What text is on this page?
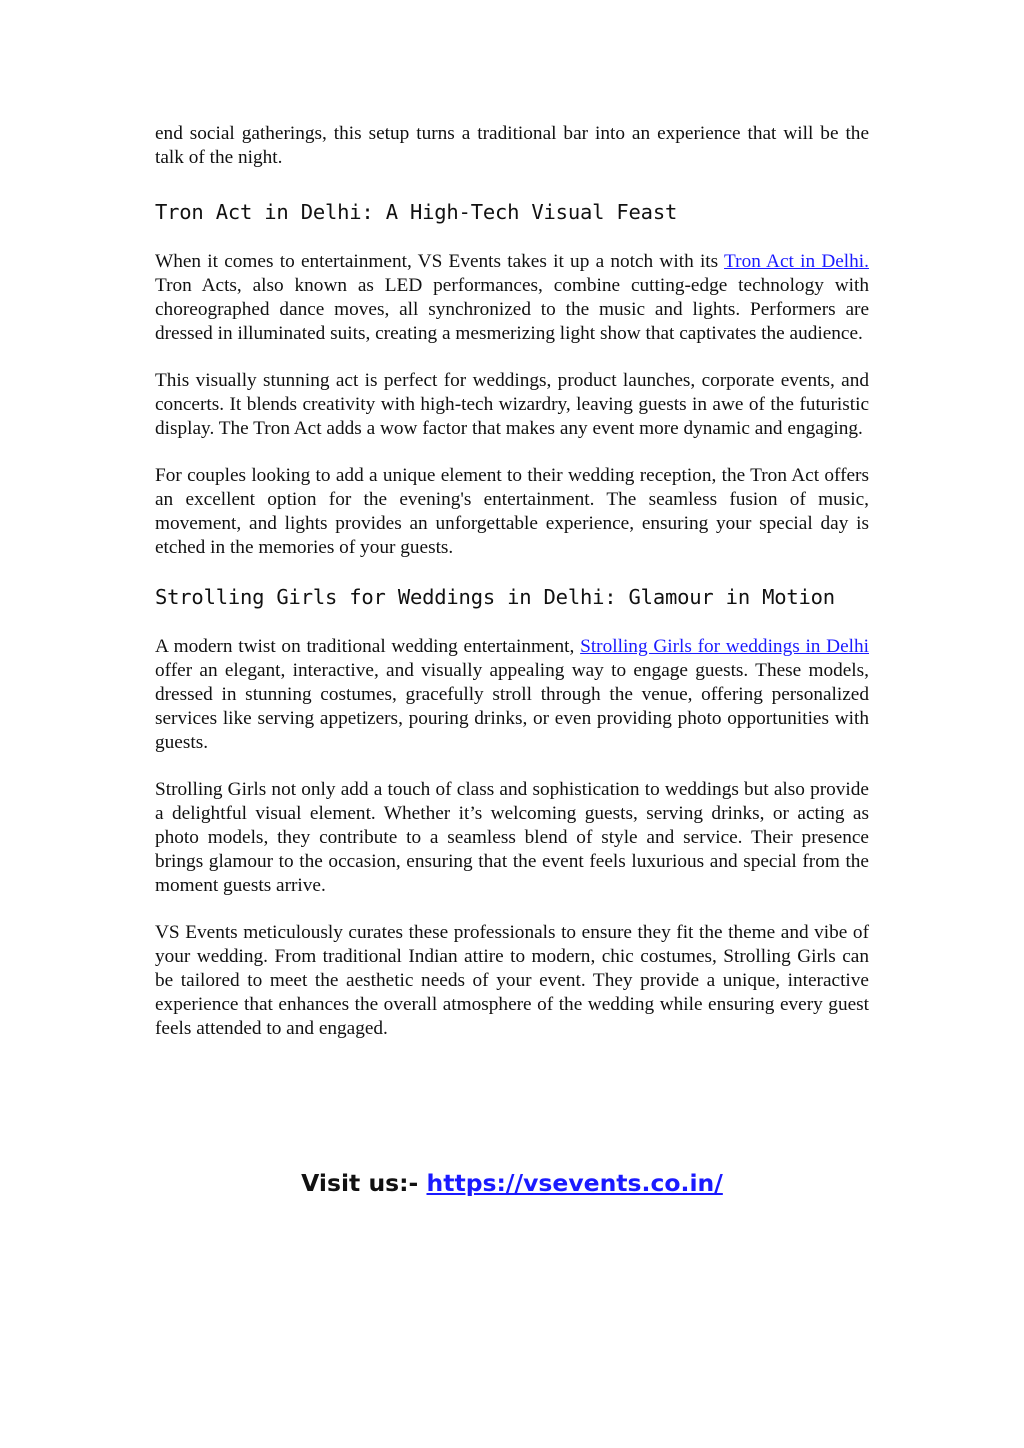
end social gatherings, this setup turns a traditional bar into an experience that will be the talk of the night.

Tron Act in Delhi: A High-Tech Visual Feast

When it comes to entertainment, VS Events takes it up a notch with its Tron Act in Delhi. Tron Acts, also known as LED performances, combine cutting-edge technology with choreographed dance moves, all synchronized to the music and lights. Performers are dressed in illuminated suits, creating a mesmerizing light show that captivates the audience.

This visually stunning act is perfect for weddings, product launches, corporate events, and concerts. It blends creativity with high-tech wizardry, leaving guests in awe of the futuristic display. The Tron Act adds a wow factor that makes any event more dynamic and engaging.

For couples looking to add a unique element to their wedding reception, the Tron Act offers an excellent option for the evening's entertainment. The seamless fusion of music, movement, and lights provides an unforgettable experience, ensuring your special day is etched in the memories of your guests.

Strolling Girls for Weddings in Delhi: Glamour in Motion

A modern twist on traditional wedding entertainment, Strolling Girls for weddings in Delhi offer an elegant, interactive, and visually appealing way to engage guests. These models, dressed in stunning costumes, gracefully stroll through the venue, offering personalized services like serving appetizers, pouring drinks, or even providing photo opportunities with guests.

Strolling Girls not only add a touch of class and sophistication to weddings but also provide a delightful visual element. Whether it’s welcoming guests, serving drinks, or acting as photo models, they contribute to a seamless blend of style and service. Their presence brings glamour to the occasion, ensuring that the event feels luxurious and special from the moment guests arrive.

VS Events meticulously curates these professionals to ensure they fit the theme and vibe of your wedding. From traditional Indian attire to modern, chic costumes, Strolling Girls can be tailored to meet the aesthetic needs of your event. They provide a unique, interactive experience that enhances the overall atmosphere of the wedding while ensuring every guest feels attended to and engaged.

Visit us:- https://vsevents.co.in/
